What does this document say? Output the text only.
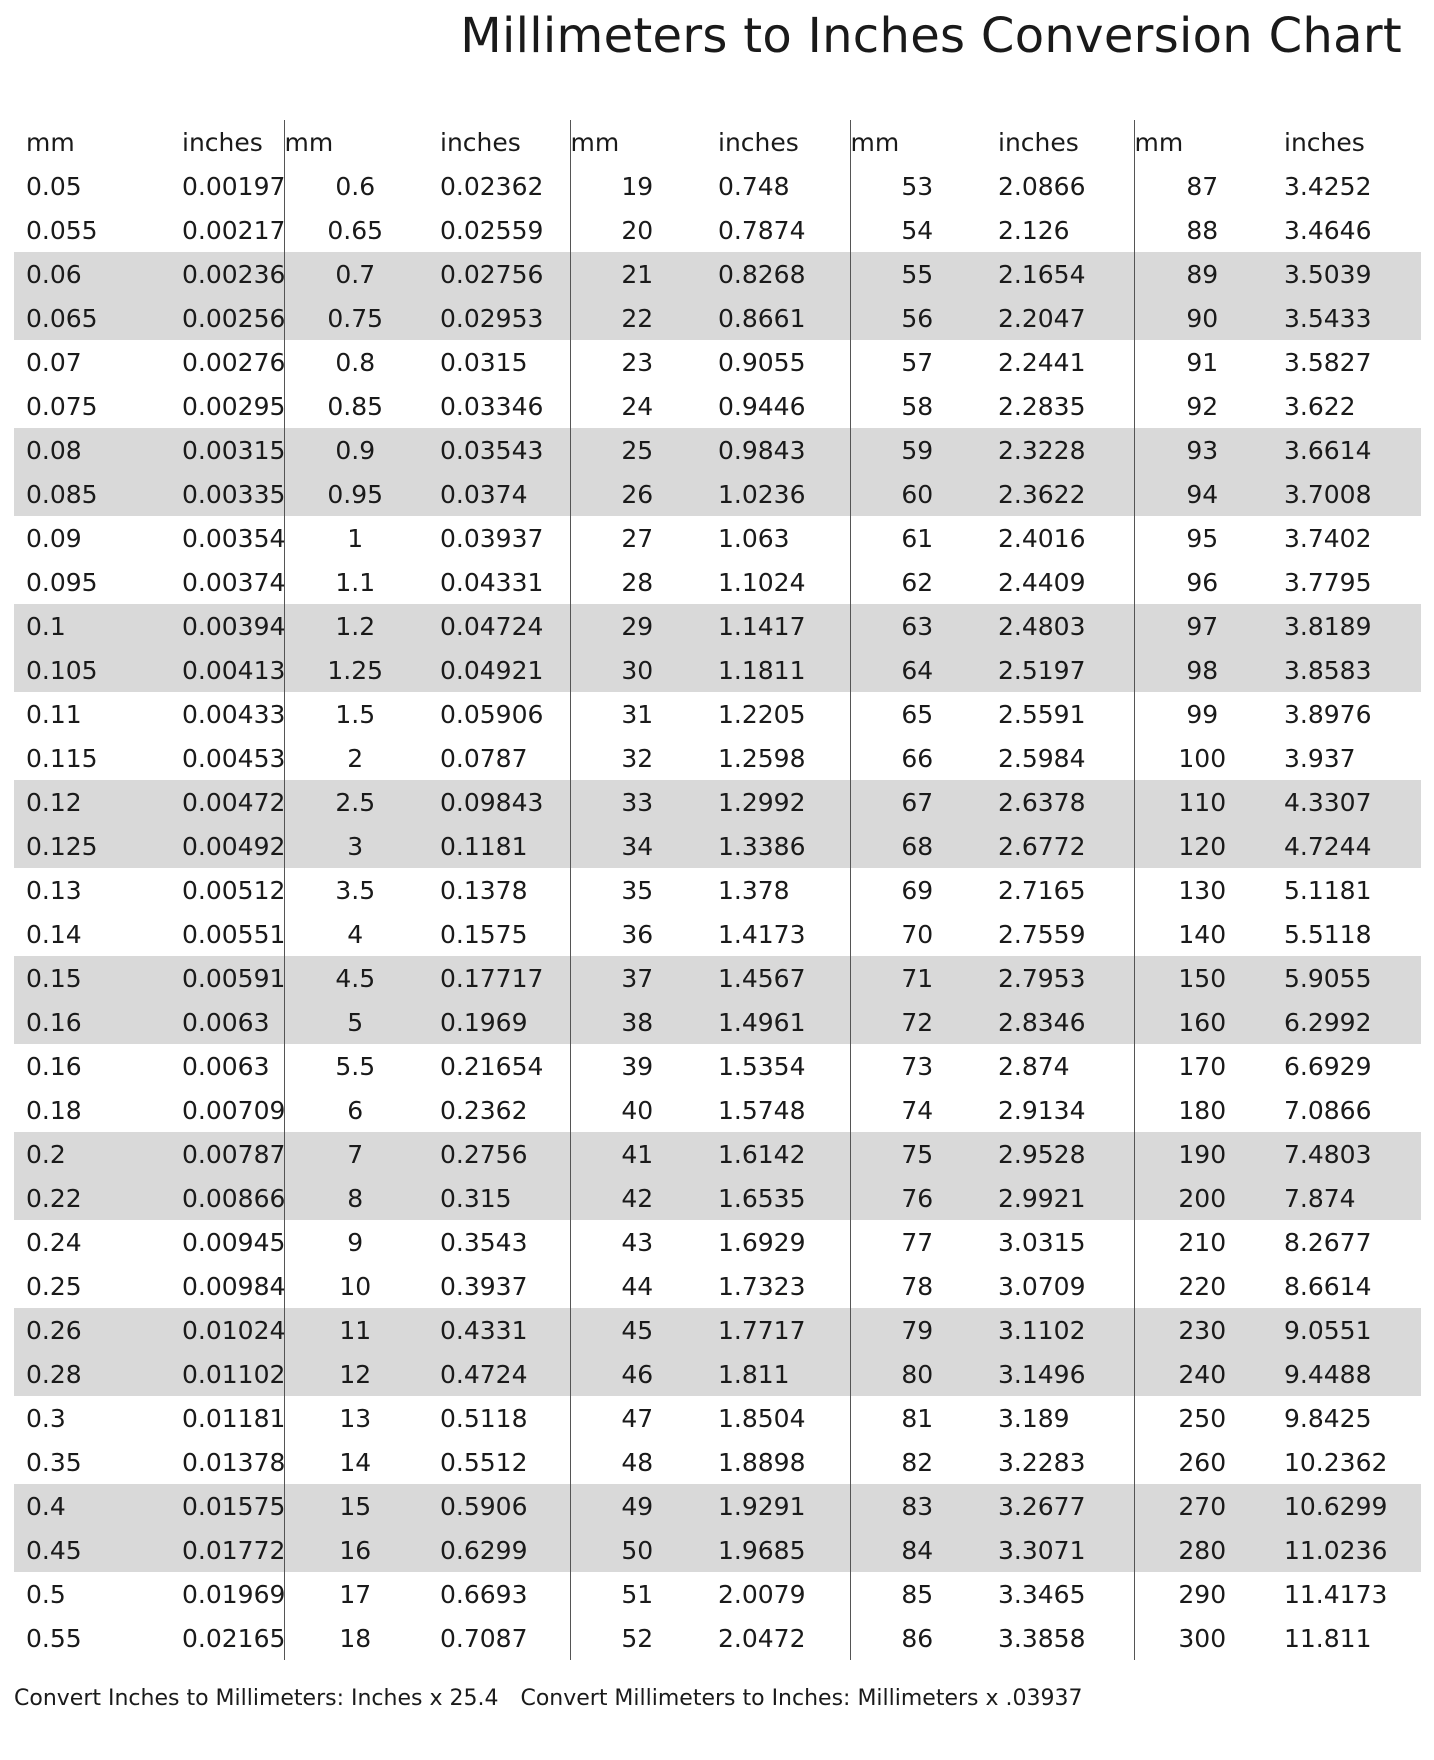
Millimeters to Inches Conversion Chart
mm	inches	mm	inches	mm	inches	mm	inches	mm	inches
0.05	0.00197	0.6	0.02362	19	0.748	53	2.0866	87	3.4252
0.055	0.00217	0.65	0.02559	20	0.7874	54	2.126	88	3.4646
0.06	0.00236	0.7	0.02756	21	0.8268	55	2.1654	89	3.5039
0.065	0.00256	0.75	0.02953	22	0.8661	56	2.2047	90	3.5433
0.07	0.00276	0.8	0.0315	23	0.9055	57	2.2441	91	3.5827
0.075	0.00295	0.85	0.03346	24	0.9446	58	2.2835	92	3.622
0.08	0.00315	0.9	0.03543	25	0.9843	59	2.3228	93	3.6614
0.085	0.00335	0.95	0.0374	26	1.0236	60	2.3622	94	3.7008
0.09	0.00354	1	0.03937	27	1.063	61	2.4016	95	3.7402
0.095	0.00374	1.1	0.04331	28	1.1024	62	2.4409	96	3.7795
0.1	0.00394	1.2	0.04724	29	1.1417	63	2.4803	97	3.8189
0.105	0.00413	1.25	0.04921	30	1.1811	64	2.5197	98	3.8583
0.11	0.00433	1.5	0.05906	31	1.2205	65	2.5591	99	3.8976
0.115	0.00453	2	0.0787	32	1.2598	66	2.5984	100	3.937
0.12	0.00472	2.5	0.09843	33	1.2992	67	2.6378	110	4.3307
0.125	0.00492	3	0.1181	34	1.3386	68	2.6772	120	4.7244
0.13	0.00512	3.5	0.1378	35	1.378	69	2.7165	130	5.1181
0.14	0.00551	4	0.1575	36	1.4173	70	2.7559	140	5.5118
0.15	0.00591	4.5	0.17717	37	1.4567	71	2.7953	150	5.9055
0.16	0.0063	5	0.1969	38	1.4961	72	2.8346	160	6.2992
0.16	0.0063	5.5	0.21654	39	1.5354	73	2.874	170	6.6929
0.18	0.00709	6	0.2362	40	1.5748	74	2.9134	180	7.0866
0.2	0.00787	7	0.2756	41	1.6142	75	2.9528	190	7.4803
0.22	0.00866	8	0.315	42	1.6535	76	2.9921	200	7.874
0.24	0.00945	9	0.3543	43	1.6929	77	3.0315	210	8.2677
0.25	0.00984	10	0.3937	44	1.7323	78	3.0709	220	8.6614
0.26	0.01024	11	0.4331	45	1.7717	79	3.1102	230	9.0551
0.28	0.01102	12	0.4724	46	1.811	80	3.1496	240	9.4488
0.3	0.01181	13	0.5118	47	1.8504	81	3.189	250	9.8425
0.35	0.01378	14	0.5512	48	1.8898	82	3.2283	260	10.2362
0.4	0.01575	15	0.5906	49	1.9291	83	3.2677	270	10.6299
0.45	0.01772	16	0.6299	50	1.9685	84	3.3071	280	11.0236
0.5	0.01969	17	0.6693	51	2.0079	85	3.3465	290	11.4173
0.55	0.02165	18	0.7087	52	2.0472	86	3.3858	300	11.811

Convert Inches to Millimeters: Inches x 25.4 Convert Millimeters to Inches: Millimeters x .03937
